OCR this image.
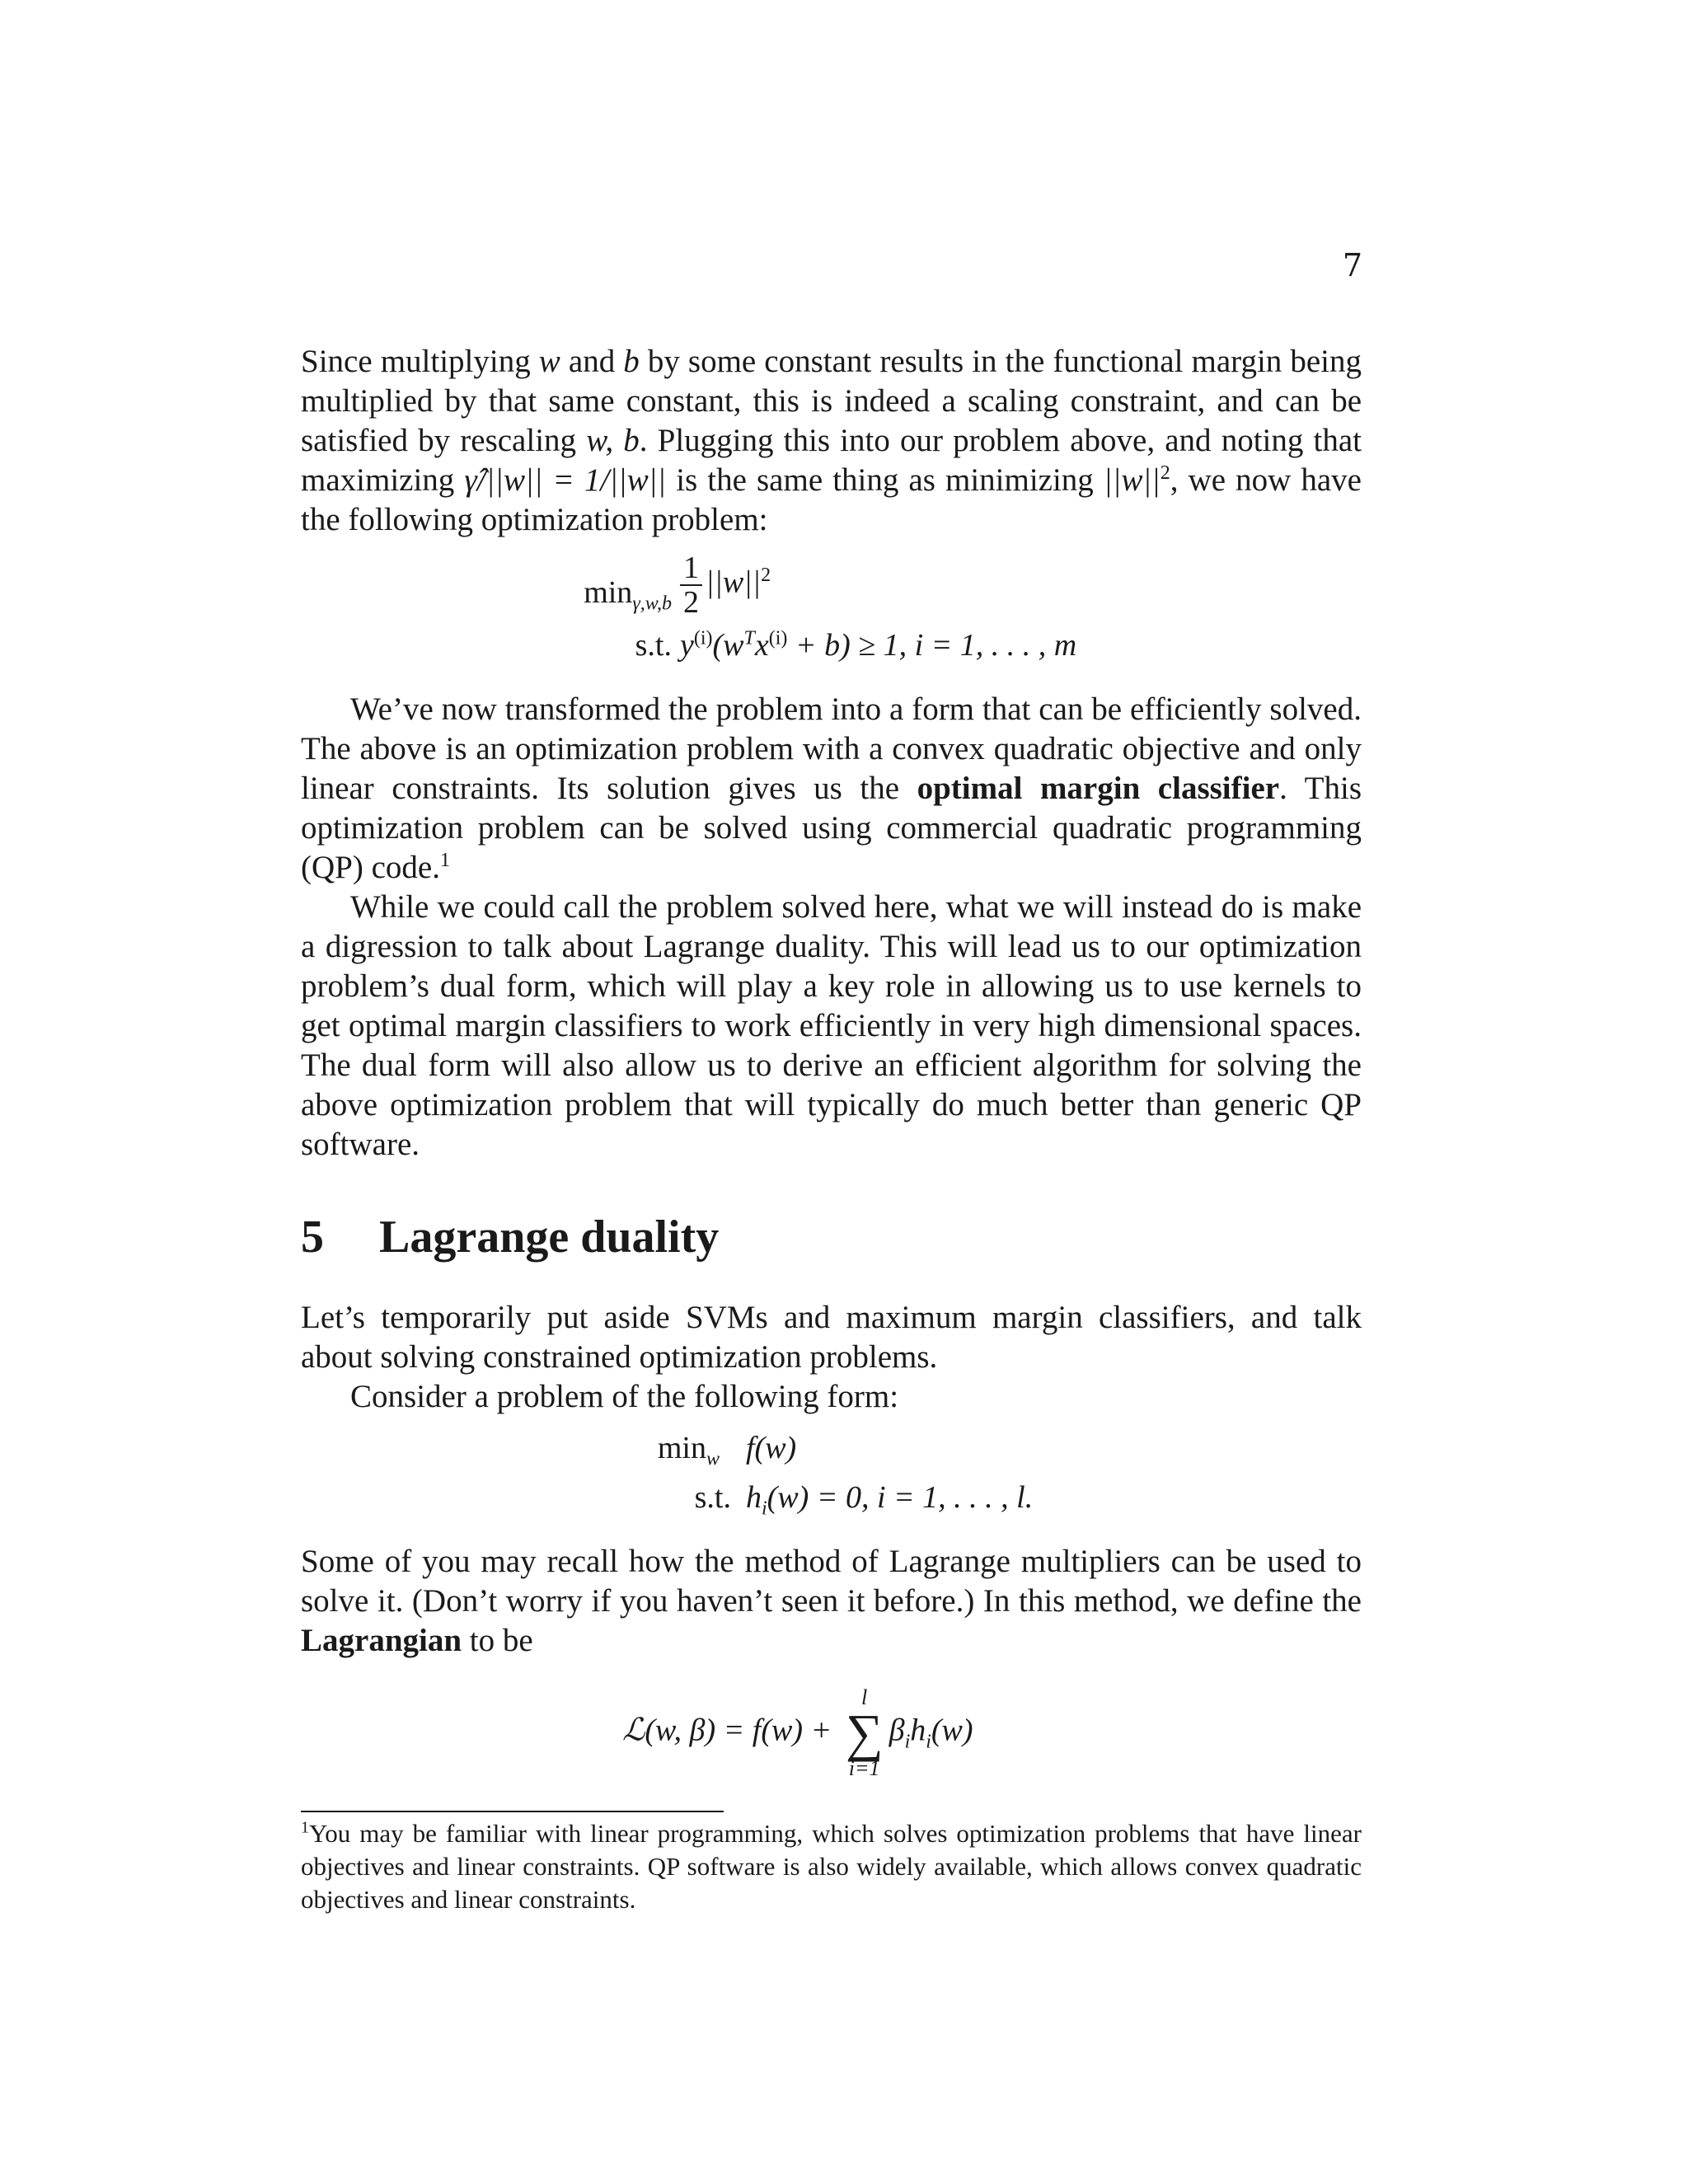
7

Since multiplying w and b by some constant results in the functional margin being multiplied by that same constant, this is indeed a scaling constraint, and can be satisfied by rescaling w, b. Plugging this into our problem above, and noting that maximizing γ̂/||w|| = 1/||w|| is the same thing as minimizing $||w||^2$, we now have the following optimization problem:

$\min_{\gamma,w,b} \frac{1}{2} ||w||^2$
s.t. $y^{(i)}(w^Tx^{(i)} + b) \ge 1$, i = 1, . . . , m

We’ve now transformed the problem into a form that can be efficiently solved. The above is an optimization problem with a convex quadratic objective and only linear constraints. Its solution gives us the optimal margin classifier. This optimization problem can be solved using commercial quadratic programming (QP) code.$^1$

While we could call the problem solved here, what we will instead do is make a digression to talk about Lagrange duality. This will lead us to our optimization problem’s dual form, which will play a key role in allowing us to use kernels to get optimal margin classifiers to work efficiently in very high dimensional spaces. The dual form will also allow us to derive an efficient algorithm for solving the above optimization problem that will typically do much better than generic QP software.

5 Lagrange duality

Let’s temporarily put aside SVMs and maximum margin classifiers, and talk about solving constrained optimization problems.

Consider a problem of the following form:

$\min_w f(w)$
s.t. $h_i(w) = 0$, i = 1, . . . , l.

Some of you may recall how the method of Lagrange multipliers can be used to solve it. (Don’t worry if you haven’t seen it before.) In this method, we define the Lagrangian to be

ℒ(w, β) = f(w) +
l
∑
i=1
$\beta_ih_i(w)$
$^1$You may be familiar with linear programming, which solves optimization problems that have linear objectives and linear constraints. QP software is also widely available, which allows convex quadratic objectives and linear constraints.
